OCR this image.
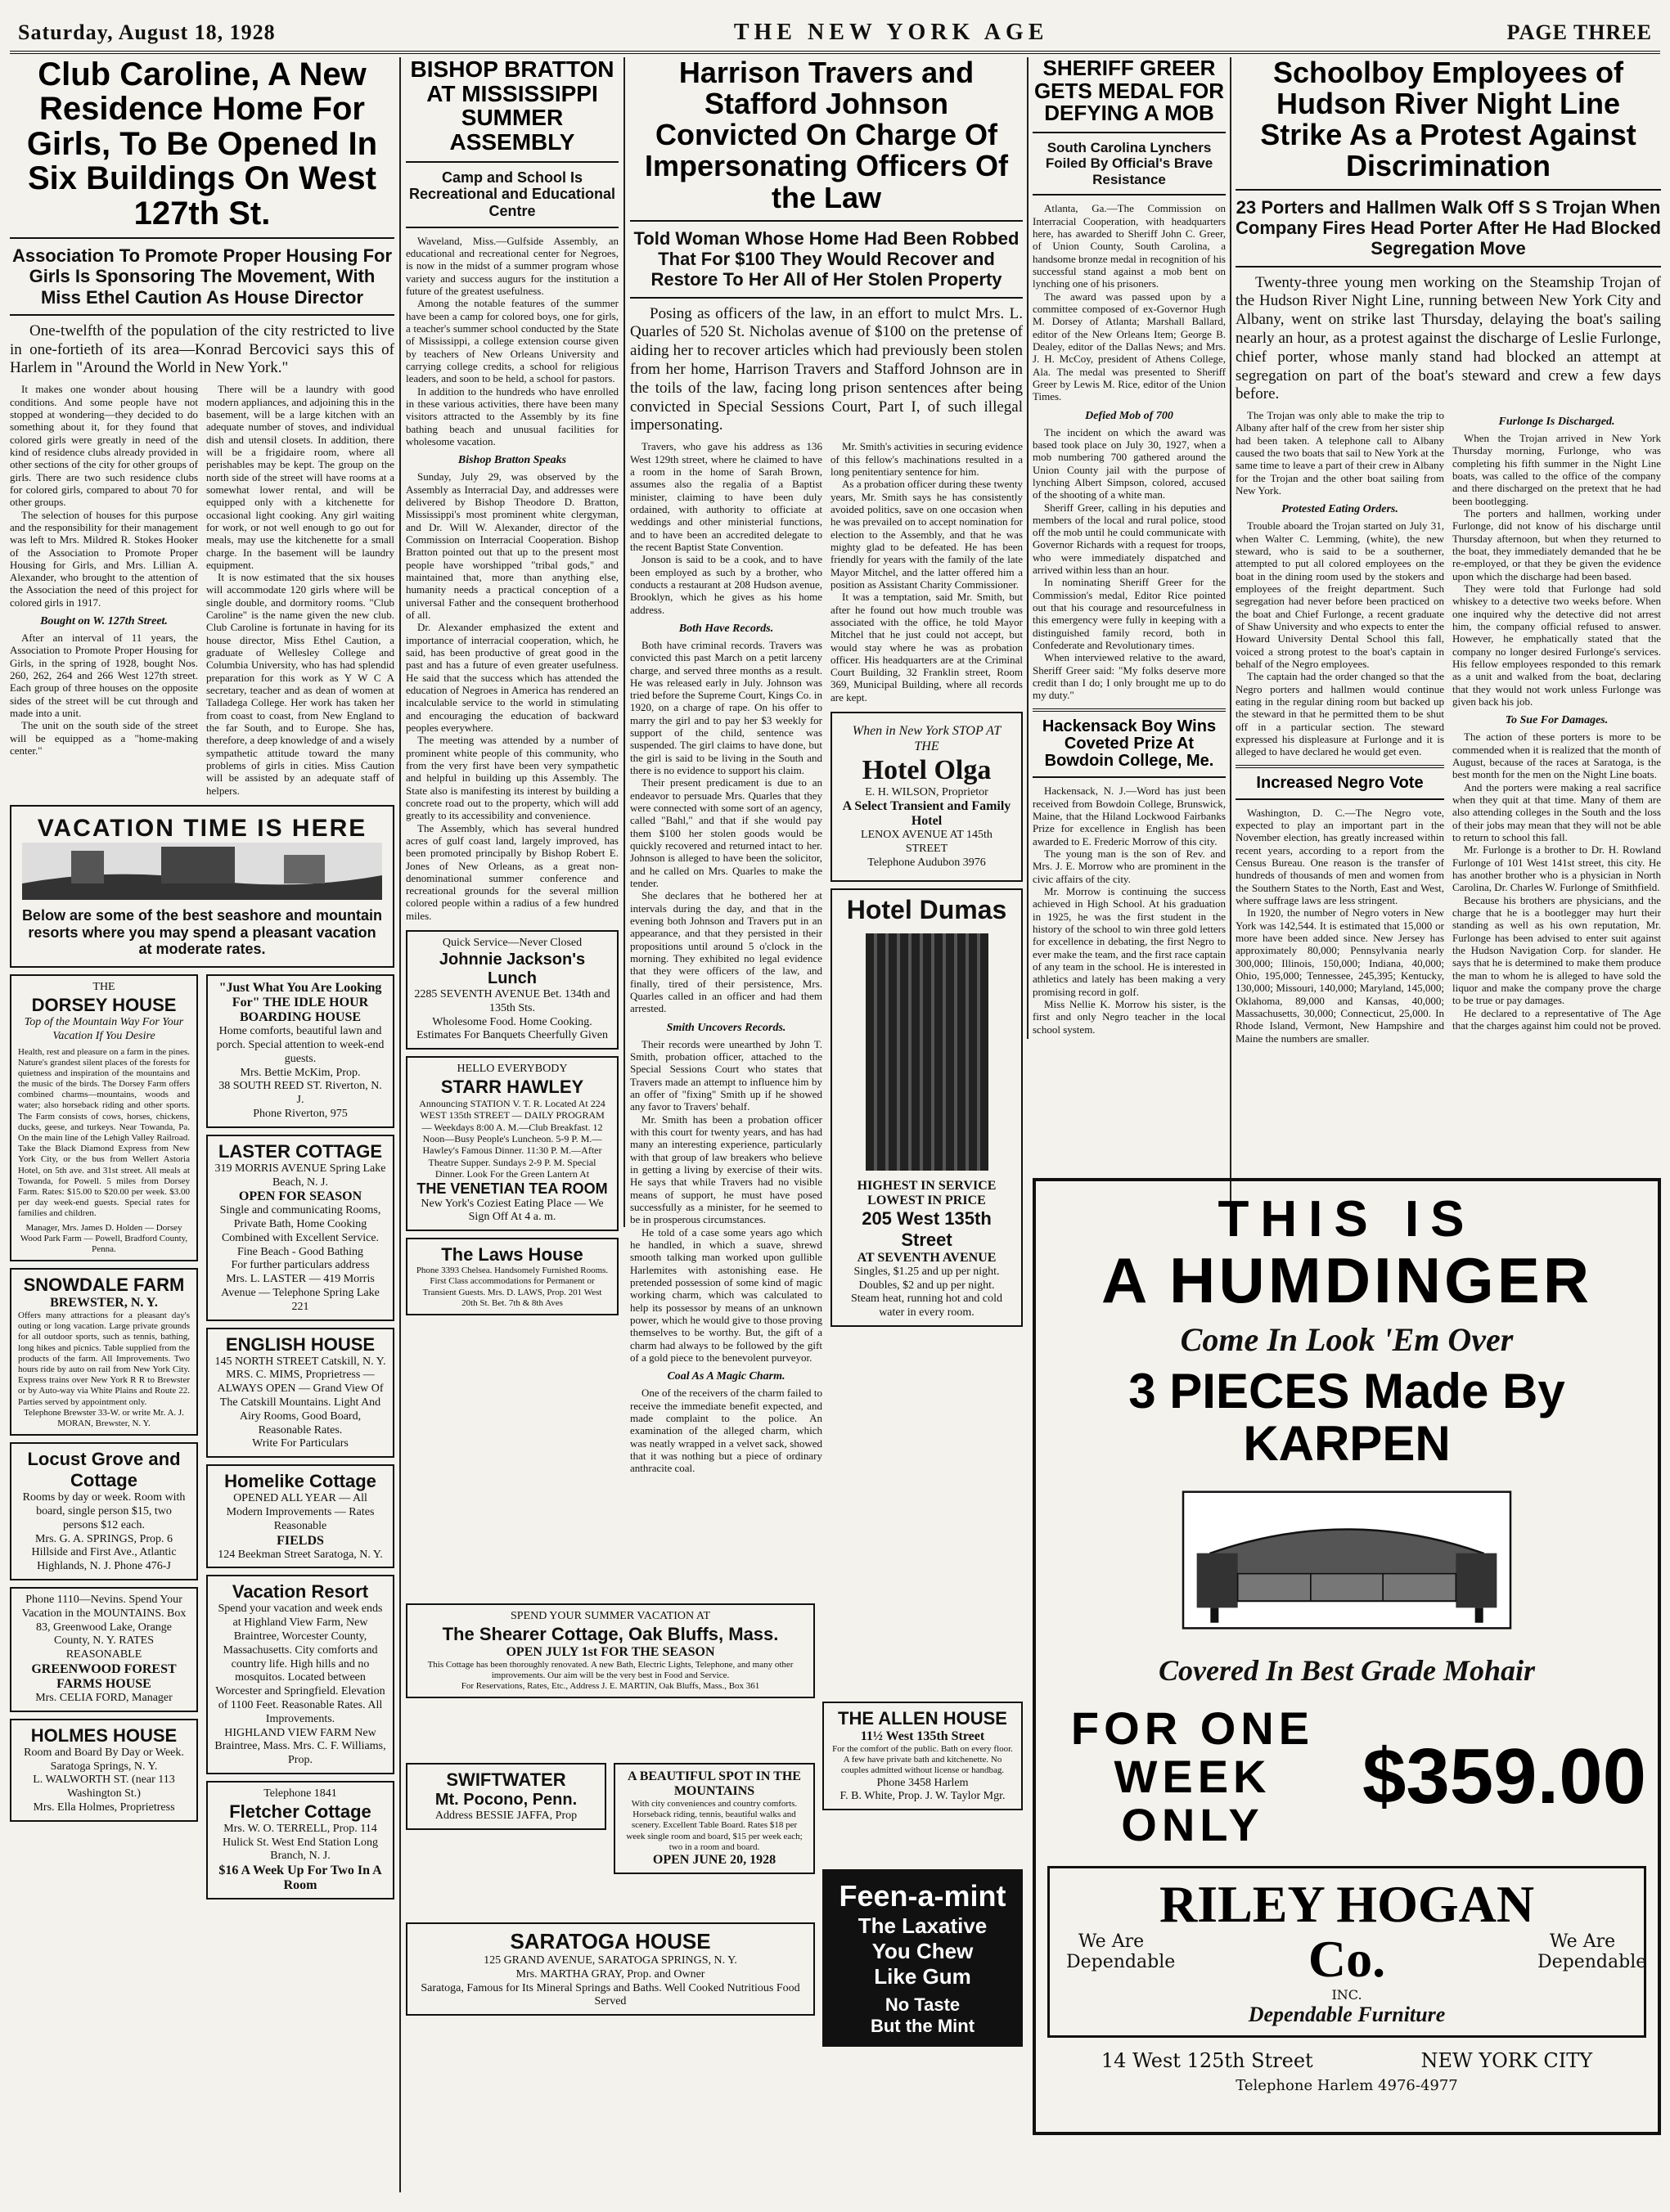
Saturday, August 18, 1928	THE NEW YORK AGE	PAGE THREE
Club Caroline, A New Residence Home For Girls, To Be Opened In Six Buildings On West 127th St.
Association To Promote Proper Housing For Girls Is Sponsoring The Movement, With Miss Ethel Caution As House Director
One-twelfth of the population of the city restricted to live in one-fortieth of its area—Konrad Bercovici says this of Harlem in "Around the World in New York."

It makes one wonder about housing conditions. And some people have not stopped at wondering—they decided to do something about it, for they found that colored girls were greatly in need of the kind of residence clubs already provided in other sections of the city for other groups of girls. There are two such residence clubs for colored girls, compared to about 70 for other groups.

The selection of houses for this purpose and the responsibility for their management was left to Mrs. Mildred R. Stokes Hooker of the Association to Promote Proper Housing for Girls, and Mrs. Lillian A. Alexander, who brought to the attention of the Association the need of this project for colored girls in 1917.

Bought on W. 127th Street.

After an interval of 11 years, the Association to Promote Proper Housing for Girls, in the spring of 1928, bought Nos. 260, 262, 264 and 266 West 127th street. Each group of three houses on the opposite sides of the street will be cut through and made into a unit.

The unit on the south side of the street will be equipped as a "home-making center."

There will be a laundry with good modern appliances, and adjoining this in the basement, will be a large kitchen with an adequate number of stoves, and individual dish and utensil closets. In addition, there will be a frigidaire room, where all perishables may be kept. The group on the north side of the street will have rooms at a somewhat lower rental, and will be equipped only with a kitchenette for occasional light cooking. Any girl waiting for work, or not well enough to go out for meals, may use the kitchenette for a small charge. In the basement will be laundry equipment.

It is now estimated that the six houses will accommodate 120 girls where will be single double, and dormitory rooms. "Club Caroline" is the name given the new club. Club Caroline is fortunate in having for its house director, Miss Ethel Caution, a graduate of Wellesley College and Columbia University, who has had splendid preparation for this work as Y W C A secretary, teacher and as dean of women at Talladega College. Her work has taken her from coast to coast, from New England to the far South, and to Europe. She has, therefore, a deep knowledge of and a wisely sympathetic attitude toward the many problems of girls in cities. Miss Caution will be assisted by an adequate staff of helpers.

VACATION TIME IS HERE
Below are some of the best seashore and mountain resorts where you may spend a pleasant vacation at moderate rates.
THE
DORSEY HOUSE
Top of the Mountain Way For Your Vacation If You Desire
Health, rest and pleasure on a farm in the pines. Nature's grandest silent places of the forests for quietness and inspiration of the mountains and the music of the birds. The Dorsey Farm offers combined charms—mountains, woods and water; also horseback riding and other sports. The Farm consists of cows, horses, chickens, ducks, geese, and turkeys. Near Towanda, Pa. On the main line of the Lehigh Valley Railroad. Take the Black Diamond Express from New York City, or the bus from Wellert Astoria Hotel, on 5th ave. and 31st street. All meals at Towanda, for Powell. 5 miles from Dorsey Farm. Rates: $15.00 to $20.00 per week. $3.00 per day week-end guests. Special rates for families and children.
Manager, Mrs. James D. Holden — Dorsey Wood Park Farm — Powell, Bradford County, Penna.
SNOWDALE FARM
BREWSTER, N. Y.
Offers many attractions for a pleasant day's outing or long vacation. Large private grounds for all outdoor sports, such as tennis, bathing, long hikes and picnics. Table supplied from the products of the farm. All Improvements. Two hours ride by auto on rail from New York City. Express trains over New York R R to Brewster or by Auto-way via White Plains and Route 22. Parties served by appointment only.
Telephone Brewster 33-W. or write Mr. A. J. MORAN, Brewster, N. Y.
Locust Grove and Cottage
Rooms by day or week. Room with board, single person $15, two persons $12 each.
Mrs. G. A. SPRINGS, Prop. 6 Hillside and First Ave., Atlantic Highlands, N. J. Phone 476-J
Phone 1110—Nevins. Spend Your Vacation in the MOUNTAINS. Box 83, Greenwood Lake, Orange County, N. Y. RATES REASONABLE
GREENWOOD FOREST FARMS HOUSE
Mrs. CELIA FORD, Manager
HOLMES HOUSE
Room and Board By Day or Week. Saratoga Springs, N. Y.
L. WALWORTH ST. (near 113 Washington St.)
Mrs. Ella Holmes, Proprietress
"Just What You Are Looking For" THE IDLE HOUR BOARDING HOUSE
Home comforts, beautiful lawn and porch. Special attention to week-end guests.
Mrs. Bettie McKim, Prop.
38 SOUTH REED ST. Riverton, N. J.
Phone Riverton, 975
LASTER COTTAGE
319 MORRIS AVENUE Spring Lake Beach, N. J.
OPEN FOR SEASON
Single and communicating Rooms, Private Bath, Home Cooking Combined with Excellent Service.
Fine Beach - Good Bathing
For further particulars address
Mrs. L. LASTER — 419 Morris Avenue — Telephone Spring Lake 221
ENGLISH HOUSE
145 NORTH STREET Catskill, N. Y.
MRS. C. MIMS, Proprietress — ALWAYS OPEN — Grand View Of The Catskill Mountains. Light And Airy Rooms, Good Board, Reasonable Rates.
Write For Particulars
Homelike Cottage
OPENED ALL YEAR — All Modern Improvements — Rates Reasonable
FIELDS
124 Beekman Street Saratoga, N. Y.
Vacation Resort
Spend your vacation and week ends at Highland View Farm, New Braintree, Worcester County, Massachusetts. City comforts and country life. High hills and no mosquitos. Located between Worcester and Springfield. Elevation of 1100 Feet. Reasonable Rates. All Improvements.
HIGHLAND VIEW FARM New Braintree, Mass. Mrs. C. F. Williams, Prop.
Telephone 1841
Fletcher Cottage
Mrs. W. O. TERRELL, Prop. 114 Hulick St. West End Station Long Branch, N. J.
$16 A Week Up For Two In A Room
BISHOP BRATTON AT MISSISSIPPI SUMMER ASSEMBLY
Camp and School Is Recreational and Educational Centre

Waveland, Miss.—Gulfside Assembly, an educational and recreational center for Negroes, is now in the midst of a summer program whose variety and success augurs for the institution a future of the greatest usefulness.

Among the notable features of the summer have been a camp for colored boys, one for girls, a teacher's summer school conducted by the State of Mississippi, a college extension course given by teachers of New Orleans University and carrying college credits, a school for religious leaders, and soon to be held, a school for pastors.

In addition to the hundreds who have enrolled in these various activities, there have been many visitors attracted to the Assembly by its fine bathing beach and unusual facilities for wholesome vacation.

Bishop Bratton Speaks

Sunday, July 29, was observed by the Assembly as Interracial Day, and addresses were delivered by Bishop Theodore D. Bratton, Mississippi's most prominent white clergyman, and Dr. Will W. Alexander, director of the Commission on Interracial Cooperation. Bishop Bratton pointed out that up to the present most people have worshipped "tribal gods," and maintained that, more than anything else, humanity needs a practical conception of a universal Father and the consequent brotherhood of all.

Dr. Alexander emphasized the extent and importance of interracial cooperation, which, he said, has been productive of great good in the past and has a future of even greater usefulness. He said that the success which has attended the education of Negroes in America has rendered an incalculable service to the world in stimulating and encouraging the education of backward peoples everywhere.

The meeting was attended by a number of prominent white people of this community, who from the very first have been very sympathetic and helpful in building up this Assembly. The State also is manifesting its interest by building a concrete road out to the property, which will add greatly to its accessibility and convenience.

The Assembly, which has several hundred acres of gulf coast land, largely improved, has been promoted principally by Bishop Robert E. Jones of New Orleans, as a great non-denominational summer conference and recreational grounds for the several million colored people within a radius of a few hundred miles.

Quick Service—Never Closed
Johnnie Jackson's Lunch
2285 SEVENTH AVENUE Bet. 134th and 135th Sts.
Wholesome Food. Home Cooking. Estimates For Banquets Cheerfully Given
HELLO EVERYBODY
STARR HAWLEY
Announcing STATION V. T. R. Located At 224 WEST 135th STREET — DAILY PROGRAM — Weekdays 8:00 A. M.—Club Breakfast. 12 Noon—Busy People's Luncheon. 5-9 P. M.—Hawley's Famous Dinner. 11:30 P. M.—After Theatre Supper. Sundays 2-9 P. M. Special Dinner. Look For the Green Lantern At
THE VENETIAN TEA ROOM
New York's Coziest Eating Place — We Sign Off At 4 a. m.
The Laws House
Phone 3393 Chelsea. Handsomely Furnished Rooms. First Class accommodations for Permanent or Transient Guests. Mrs. D. LAWS, Prop. 201 West 20th St. Bet. 7th & 8th Aves
SPEND YOUR SUMMER VACATION AT
The Shearer Cottage, Oak Bluffs, Mass.
OPEN JULY 1st FOR THE SEASON
This Cottage has been thoroughly renovated. A new Bath, Electric Lights, Telephone, and many other improvements. Our aim will be the very best in Food and Service.
For Reservations, Rates, Etc., Address J. E. MARTIN, Oak Bluffs, Mass., Box 361
SWIFTWATER
Mt. Pocono, Penn.
Address BESSIE JAFFA, Prop
A BEAUTIFUL SPOT IN THE MOUNTAINS
With city conveniences and country comforts. Horseback riding, tennis, beautiful walks and scenery. Excellent Table Board. Rates $18 per week single room and board, $15 per week each; two in a room and board.
OPEN JUNE 20, 1928
SARATOGA HOUSE
125 GRAND AVENUE, SARATOGA SPRINGS, N. Y.
Mrs. MARTHA GRAY, Prop. and Owner
Saratoga, Famous for Its Mineral Springs and Baths. Well Cooked Nutritious Food Served
Harrison Travers and Stafford Johnson Convicted On Charge Of Impersonating Officers Of the Law
Told Woman Whose Home Had Been Robbed That For $100 They Would Recover and Restore To Her All of Her Stolen Property
Posing as officers of the law, in an effort to mulct Mrs. L. Quarles of 520 St. Nicholas avenue of $100 on the pretense of aiding her to recover articles which had previously been stolen from her home, Harrison Travers and Stafford Johnson are in the toils of the law, facing long prison sentences after being convicted in Special Sessions Court, Part I, of such illegal impersonating.

Travers, who gave his address as 136 West 129th street, where he claimed to have a room in the home of Sarah Brown, assumes also the regalia of a Baptist minister, claiming to have been duly ordained, with authority to officiate at weddings and other ministerial functions, and to have been an accredited delegate to the recent Baptist State Convention.

Jonson is said to be a cook, and to have been employed as such by a brother, who conducts a restaurant at 208 Hudson avenue, Brooklyn, which he gives as his home address.

Both Have Records.

Both have criminal records. Travers was convicted this past March on a petit larceny charge, and served three months as a result. He was released early in July. Johnson was tried before the Supreme Court, Kings Co. in 1920, on a charge of rape. On his offer to marry the girl and to pay her $3 weekly for support of the child, sentence was suspended. The girl claims to have done, but the girl is said to be living in the South and there is no evidence to support his claim.

Their present predicament is due to an endeavor to persuade Mrs. Quarles that they were connected with some sort of an agency, called "Bahl," and that if she would pay them $100 her stolen goods would be quickly recovered and returned intact to her. Johnson is alleged to have been the solicitor, and he called on Mrs. Quarles to make the tender.

She declares that he bothered her at intervals during the day, and that in the evening both Johnson and Travers put in an appearance, and that they persisted in their propositions until around 5 o'clock in the morning. They exhibited no legal evidence that they were officers of the law, and finally, tired of their persistence, Mrs. Quarles called in an officer and had them arrested.

Smith Uncovers Records.

Their records were unearthed by John T. Smith, probation officer, attached to the Special Sessions Court who states that Travers made an attempt to influence him by an offer of "fixing" Smith up if he showed any favor to Travers' behalf.

Mr. Smith has been a probation officer with this court for twenty years, and has had many an interesting experience, particularly with that group of law breakers who believe in getting a living by exercise of their wits. He says that while Travers had no visible means of support, he must have posed successfully as a minister, for he seemed to be in prosperous circumstances.

He told of a case some years ago which he handled, in which a suave, shrewd smooth talking man worked upon gullible Harlemites with astonishing ease. He pretended possession of some kind of magic working charm, which was calculated to help its possessor by means of an unknown power, which he would give to those proving themselves to be worthy. But, the gift of a charm had always to be followed by the gift of a gold piece to the benevolent purveyor.

Coal As A Magic Charm.

One of the receivers of the charm failed to receive the immediate benefit expected, and made complaint to the police. An examination of the alleged charm, which was neatly wrapped in a velvet sack, showed that it was nothing but a piece of ordinary anthracite coal.

Mr. Smith's activities in securing evidence of this fellow's machinations resulted in a long penitentiary sentence for him.

As a probation officer during these twenty years, Mr. Smith says he has consistently avoided politics, save on one occasion when he was prevailed on to accept nomination for election to the Assembly, and that he was mighty glad to be defeated. He has been friendly for years with the family of the late Mayor Mitchel, and the latter offered him a position as Assistant Charity Commissioner.

It was a temptation, said Mr. Smith, but after he found out how much trouble was associated with the office, he told Mayor Mitchel that he just could not accept, but would stay where he was as probation officer. His headquarters are at the Criminal Court Building, 32 Franklin street, Room 369, Municipal Building, where all records are kept.

When in New York STOP AT THE
Hotel Olga
E. H. WILSON, Proprietor
A Select Transient and Family Hotel
LENOX AVENUE AT 145th STREET
Telephone Audubon 3976
Hotel Dumas
HIGHEST IN SERVICE LOWEST IN PRICE
205 West 135th Street
AT SEVENTH AVENUE
Singles, $1.25 and up per night. Doubles, $2 and up per night.
Steam heat, running hot and cold water in every room.
THE ALLEN HOUSE
11½ West 135th Street
For the comfort of the public. Bath on every floor. A few have private bath and kitchenette. No couples admitted without license or handbag.
Phone 3458 Harlem
F. B. White, Prop. J. W. Taylor Mgr.
Feen-a-mint
The Laxative
You Chew
Like Gum
No Taste
But the Mint
SHERIFF GREER GETS MEDAL FOR DEFYING A MOB
South Carolina Lynchers Foiled By Official's Brave Resistance

Atlanta, Ga.—The Commission on Interracial Cooperation, with headquarters here, has awarded to Sheriff John C. Greer, of Union County, South Carolina, a handsome bronze medal in recognition of his successful stand against a mob bent on lynching one of his prisoners.

The award was passed upon by a committee composed of ex-Governor Hugh M. Dorsey of Atlanta; Marshall Ballard, editor of the New Orleans Item; George B. Dealey, editor of the Dallas News; and Mrs. J. H. McCoy, president of Athens College, Ala. The medal was presented to Sheriff Greer by Lewis M. Rice, editor of the Union Times.

Defied Mob of 700

The incident on which the award was based took place on July 30, 1927, when a mob numbering 700 gathered around the Union County jail with the purpose of lynching Albert Simpson, colored, accused of the shooting of a white man.

Sheriff Greer, calling in his deputies and members of the local and rural police, stood off the mob until he could communicate with Governor Richards with a request for troops, who were immediately dispatched and arrived within less than an hour.

In nominating Sheriff Greer for the Commission's medal, Editor Rice pointed out that his courage and resourcefulness in this emergency were fully in keeping with a distinguished family record, both in Confederate and Revolutionary times.

When interviewed relative to the award, Sheriff Greer said: "My folks deserve more credit than I do; I only brought me up to do my duty."

Hackensack Boy Wins Coveted Prize At Bowdoin College, Me.

Hackensack, N. J.—Word has just been received from Bowdoin College, Brunswick, Maine, that the Hiland Lockwood Fairbanks Prize for excellence in English has been awarded to E. Frederic Morrow of this city.

The young man is the son of Rev. and Mrs. J. E. Morrow who are prominent in the civic affairs of the city.

Mr. Morrow is continuing the success achieved in High School. At his graduation in 1925, he was the first student in the history of the school to win three gold letters for excellence in debating, the first Negro to ever make the team, and the first race captain of any team in the school. He is interested in athletics and lately has been making a very promising record in golf.

Miss Nellie K. Morrow his sister, is the first and only Negro teacher in the local school system.

Schoolboy Employees of Hudson River Night Line Strike As a Protest Against Discrimination
23 Porters and Hallmen Walk Off S S Trojan When Company Fires Head Porter After He Had Blocked Segregation Move
Twenty-three young men working on the Steamship Trojan of the Hudson River Night Line, running between New York City and Albany, went on strike last Thursday, delaying the boat's sailing nearly an hour, as a protest against the discharge of Leslie Furlonge, chief porter, whose manly stand had blocked an attempt at segregation on part of the boat's steward and crew a few days before.

The Trojan was only able to make the trip to Albany after half of the crew from her sister ship had been taken. A telephone call to Albany caused the two boats that sail to New York at the same time to leave a part of their crew in Albany for the Trojan and the other boat sailing from New York.

Protested Eating Orders.

Trouble aboard the Trojan started on July 31, when Walter C. Lemming, (white), the new steward, who is said to be a southerner, attempted to put all colored employees on the boat in the dining room used by the stokers and employees of the freight department. Such segregation had never before been practiced on the boat and Chief Furlonge, a recent graduate of Shaw University and who expects to enter the Howard University Dental School this fall, voiced a strong protest to the boat's captain in behalf of the Negro employees.

The captain had the order changed so that the Negro porters and hallmen would continue eating in the regular dining room but backed up the steward in that he permitted them to be shut off in a particular section. The steward expressed his displeasure at Furlonge and it is alleged to have declared he would get even.

Increased Negro Vote

Washington, D. C.—The Negro vote, expected to play an important part in the November election, has greatly increased within recent years, according to a report from the Census Bureau. One reason is the transfer of hundreds of thousands of men and women from the Southern States to the North, East and West, where suffrage laws are less stringent.

In 1920, the number of Negro voters in New York was 142,544. It is estimated that 15,000 or more have been added since. New Jersey has approximately 80,000; Pennsylvania nearly 300,000; Illinois, 150,000; Indiana, 40,000; Ohio, 195,000; Tennessee, 245,395; Kentucky, 130,000; Missouri, 140,000; Maryland, 145,000; Oklahoma, 89,000 and Kansas, 40,000; Massachusetts, 30,000; Connecticut, 25,000. In Rhode Island, Vermont, New Hampshire and Maine the numbers are smaller.

Furlonge Is Discharged.

When the Trojan arrived in New York Thursday morning, Furlonge, who was completing his fifth summer in the Night Line boats, was called to the office of the company and there discharged on the pretext that he had been bootlegging.

The porters and hallmen, working under Furlonge, did not know of his discharge until Thursday afternoon, but when they returned to the boat, they immediately demanded that he be re-employed, or that they be given the evidence upon which the discharge had been based.

They were told that Furlonge had sold whiskey to a detective two weeks before. When one inquired why the detective did not arrest him, the company official refused to answer. However, he emphatically stated that the company no longer desired Furlonge's services. His fellow employees responded to this remark as a unit and walked from the boat, declaring that they would not work unless Furlonge was given back his job.

To Sue For Damages.

The action of these porters is more to be commended when it is realized that the month of August, because of the races at Saratoga, is the best month for the men on the Night Line boats.

And the porters were making a real sacrifice when they quit at that time. Many of them are also attending colleges in the South and the loss of their jobs may mean that they will not be able to return to school this fall.

Mr. Furlonge is a brother to Dr. H. Rowland Furlonge of 101 West 141st street, this city. He has another brother who is a physician in North Carolina, Dr. Charles W. Furlonge of Smithfield.

Because his brothers are physicians, and the charge that he is a bootlegger may hurt their standing as well as his own reputation, Mr. Furlonge has been advised to enter suit against the Hudson Navigation Corp. for slander. He says that he is determined to make them produce the man to whom he is alleged to have sold the liquor and make the company prove the charge to be true or pay damages.

He declared to a representative of The Age that the charges against him could not be proved.

THIS IS
A HUMDINGER
Come In Look 'Em Over
3 PIECES Made By KARPEN
Covered In Best Grade Mohair
FOR ONE
WEEK ONLY
$359.00
We Are Dependable
RILEY HOGAN Co.
INC.
Dependable Furniture
We Are Dependable
14 West 125th Street	NEW YORK CITY
Telephone Harlem 4976-4977
